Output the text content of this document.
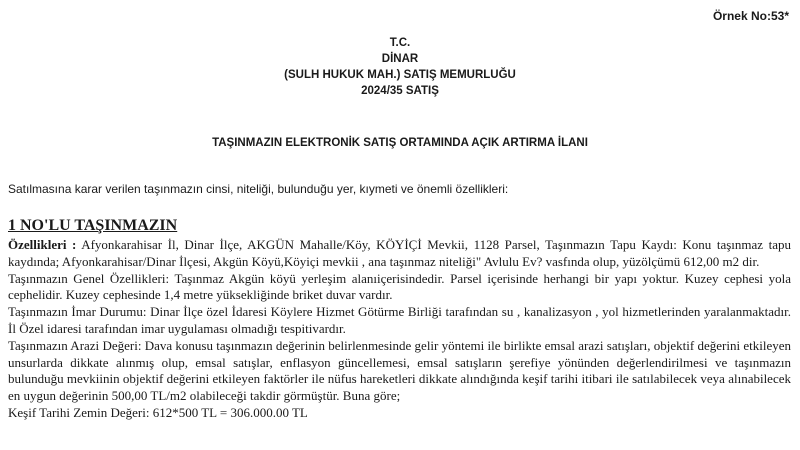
Örnek No:53*
T.C.
DİNAR
(SULH HUKUK MAH.) SATIŞ MEMURLUĞU
2024/35 SATIŞ
TAŞINMAZIN ELEKTRONİK SATIŞ ORTAMINDA AÇIK ARTIRMA İLANI
Satılmasına karar verilen taşınmazın cinsi, niteliği, bulunduğu yer, kıymeti ve önemli özellikleri:
1 NO'LU TAŞINMAZIN

Özellikleri : Afyonkarahisar İl, Dinar İlçe, AKGÜN Mahalle/Köy, KÖYİÇİ Mevkii, 1128 Parsel, Taşınmazın Tapu Kaydı: Konu taşınmaz tapu kaydında; Afyonkarahisar/Dinar İlçesi, Akgün Köyü,Köyiçi mevkii , ana taşınmaz niteliği" Avlulu Ev? vasfında olup, yüzölçümü 612,00 m2 dir.

Taşınmazın Genel Özellikleri: Taşınmaz Akgün köyü yerleşim alanıiçerisindedir. Parsel içerisinde herhangi bir yapı yoktur. Kuzey cephesi yola cephelidir. Kuzey cephesinde 1,4 metre yüksekliğinde briket duvar vardır.

Taşınmazın İmar Durumu: Dinar İlçe özel İdaresi Köylere Hizmet Götürme Birliği tarafından su , kanalizasyon , yol hizmetlerinden yaralanmaktadır. İl Özel idaresi tarafından imar uygulaması olmadığı tespitivardır.

Taşınmazın Arazi Değeri: Dava konusu taşınmazın değerinin belirlenmesinde gelir yöntemi ile birlikte emsal arazi satışları, objektif değerini etkileyen unsurlarda dikkate alınmış olup, emsal satışlar, enflasyon güncellemesi, emsal satışların şerefiye yönünden değerlendirilmesi ve taşınmazın bulunduğu mevkiinin objektif değerini etkileyen faktörler ile nüfus hareketleri dikkate alındığında keşif tarihi itibari ile satılabilecek veya alınabilecek en uygun değerinin 500,00 TL/m2 olabileceği takdir görmüştür. Buna göre;

Keşif Tarihi Zemin Değeri: 612*500 TL = 306.000.00 TL
